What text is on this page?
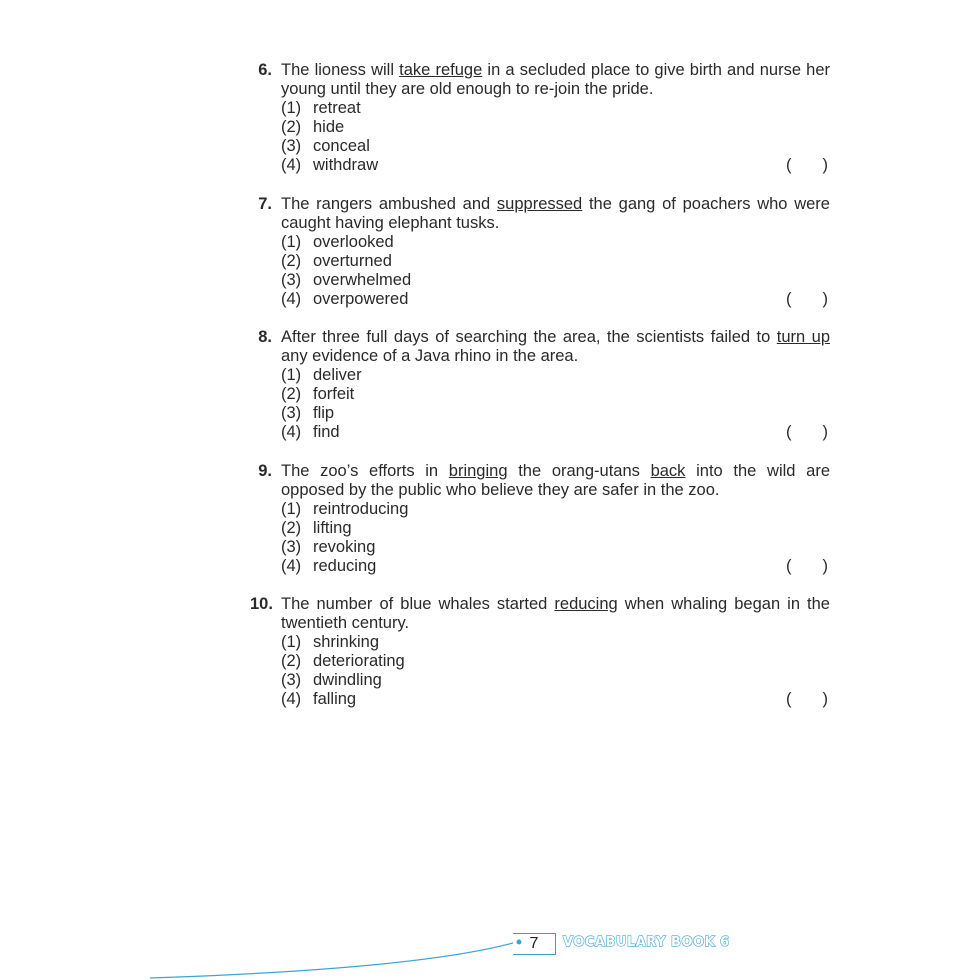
6. The lioness will take refuge in a secluded place to give birth and nurse her young until they are old enough to re-join the pride.
(1) retreat
(2) hide
(3) conceal
(4) withdraw	( )
7. The rangers ambushed and suppressed the gang of poachers who were caught having elephant tusks.
(1) overlooked
(2) overturned
(3) overwhelmed
(4) overpowered	( )
8. After three full days of searching the area, the scientists failed to turn up any evidence of a Java rhino in the area.
(1) deliver
(2) forfeit
(3) flip
(4) find	( )
9. The zoo’s efforts in bringing the orang-utans back into the wild are opposed by the public who believe they are safer in the zoo.
(1) reintroducing
(2) lifting
(3) revoking
(4) reducing	( )
10. The number of blue whales started reducing when whaling began in the twentieth century.
(1) shrinking
(2) deteriorating
(3) dwindling
(4) falling	( )
7	VOCABULARY BOOK 6
